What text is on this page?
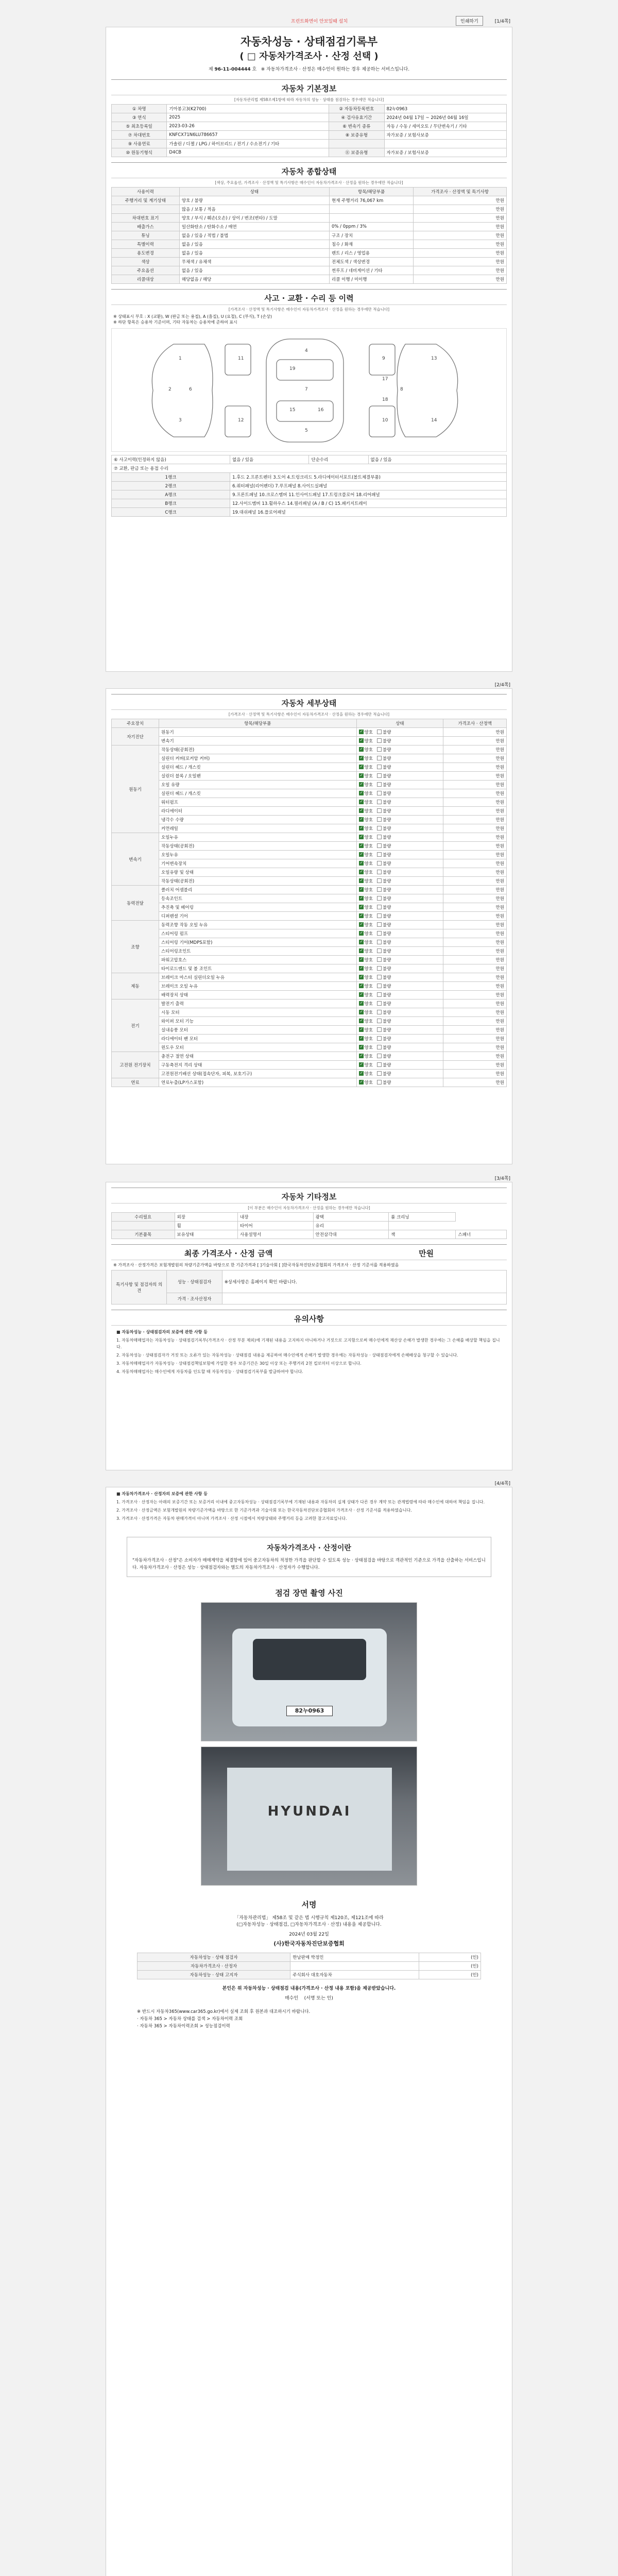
프린트화면이 안보일때 설치	인쇄하기	[1/4쪽]
자동차성능 · 상태점검기록부
( □ 자동차가격조사 · 산정 선택 )
제 96-11-004444 호 ※ 자동차가격조사 · 산정은 매수인이 원하는 경우 제공하는 서비스입니다.
자동차 기본정보
[자동차관리법 제58조제1항에 따라 자동차의 성능 · 상태를 점검하는 경우에만 적습니다]
① 차명	기아봉고3(K2700)	② 자동차등록번호	82누0963
③ 연식	2025	④ 검사유효기간	2024년 04월 17일 ~ 2026년 04월 16일
⑤ 최초등록일	2023-03-26	⑥ 변속기 종류	자동 / 수동 / 세미오토 / 무단변속기 / 기타
⑦ 차대번호	KNFCX71N6LU786657	⑧ 보증유형	자가보증 / 보험사보증
⑨ 사용연료	가솔린 / 디젤 / LPG / 하이브리드 / 전기 / 수소전기 / 기타		
⑩ 원동기형식	D4CB	⑪ 보증유형	자가보증 / 보험사보증
자동차 종합상태
[색상, 주요옵션, 가격조사 · 산정액 및 특기사항은 매수인이 자동차가격조사 · 산정을 원하는 경우에만 적습니다]
사용이력	상태	항목/해당부품	가격조사 · 산정액 및 특기사항
주행거리 및 계기상태	양호 / 불량	현재 주행거리 76,067 km	만원
	많음 / 보통 / 적음		만원
차대번호 표기	양호 / 부식 / 훼손(오손) / 상이 / 변조(변타) / 도말		만원
배출가스	일산화탄소 / 탄화수소 / 매연	0% / 0ppm / 3%	만원
튜닝	없음 / 있음 / 적법 / 불법	구조 / 장치	만원
특별이력	없음 / 있음	침수 / 화재	만원
용도변경	없음 / 있음	렌트 / 리스 / 영업용	만원
색상	무채색 / 유채색	전체도색 / 색상변경	만원
주요옵션	없음 / 있음	썬루프 / 네비게이션 / 기타	만원
리콜대상	해당없음 / 해당	리콜 이행 / 미이행	만원
사고 · 교환 · 수리 등 이력
[가격조사 · 산정액 및 특기사항은 매수인이 자동차가격조사 · 산정을 원하는 경우에만 적습니다]
※ 상태표시 부호 : X (교환), W (판금 또는 용접), A (흠집), U (요철), C (부식), T (손상)
※ 하단 항목은 승용차 기준이며, 기타 자동차는 승용차에 준하여 표시
1
2
3
4
5
6	7	8
9
10
11
12
13
14
15	16
17
18
19
⑥ 사고이력(인정하지 않음)	없음 / 있음	단순수리	없음 / 있음
⑦ 교환, 판금 또는 용접 수리			
1랭크	1.후드 2.프론트펜더 3.도어 4.트렁크리드 5.라디에이터서포트(볼트체결부품)		
2랭크	6.쿼터패널(리어펜더) 7.루프패널 8.사이드실패널		
A랭크	9.프론트패널 10.크로스멤버 11.인사이드패널 17.트렁크플로어 18.리어패널		
B랭크	12.사이드멤버 13.휠하우스 14.필러패널 (A / B / C) 15.패키지트레이		
C랭크	19.대쉬패널 16.플로어패널		
[2/4쪽]
자동차 세부상태
[가격조사 · 산정액 및 특기사항은 매수인이 자동차가격조사 · 산정을 원하는 경우에만 적습니다]
주요장치	항목/해당부품	상태	가격조사 · 산정액
자기진단	원동기	✓양호 불량	만원
	변속기	✓양호 불량	만원
원동기	작동상태(공회전)	✓양호 불량	만원
	실린더 커버(로커암 커버)	✓양호 불량	만원
	실린더 헤드 / 개스킷	✓양호 불량	만원
	실린더 블록 / 오일팬	✓양호 불량	만원
	오일 유량	✓양호 불량	만원
	실린더 헤드 / 개스킷	✓양호 불량	만원
	워터펌프	✓양호 불량	만원
	라디에이터	✓양호 불량	만원
	냉각수 수량	✓양호 불량	만원
	커먼레일	✓양호 불량	만원
변속기	오일누유	✓양호 불량	만원
	작동상태(공회전)	✓양호 불량	만원
	오일누유	✓양호 불량	만원
	기어변속장치	✓양호 불량	만원
	오일유량 및 상태	✓양호 불량	만원
	작동상태(공회전)	✓양호 불량	만원
동력전달	클러치 어셈블리	✓양호 불량	만원
	등속조인트	✓양호 불량	만원
	추진축 및 베어링	✓양호 불량	만원
	디퍼렌셜 기어	✓양호 불량	만원
조향	동력조향 작동 오일 누유	✓양호 불량	만원
	스티어링 펌프	✓양호 불량	만원
	스티어링 기어(MDPS포함)	✓양호 불량	만원
	스티어링조인트	✓양호 불량	만원
	파워고압호스	✓양호 불량	만원
	타이로드엔드 및 볼 조인트	✓양호 불량	만원
제동	브레이크 마스터 실린더오일 누유	✓양호 불량	만원
	브레이크 오일 누유	✓양호 불량	만원
	배력장치 상태	✓양호 불량	만원
전기	발전기 출력	✓양호 불량	만원
	시동 모터	✓양호 불량	만원
	와이퍼 모터 기능	✓양호 불량	만원
	실내송풍 모터	✓양호 불량	만원
	라디에이터 팬 모터	✓양호 불량	만원
	윈도우 모터	✓양호 불량	만원
고전원 전기장치	충전구 절연 상태	✓양호 불량	만원
	구동축전지 격리 상태	✓양호 불량	만원
	고전원전기배선 상태(접속단자, 피복, 보호기구)	✓양호 불량	만원
연료	연료누출(LP가스포함)	✓양호 불량	만원
[3/4쪽]
자동차 기타정보
[이 부분은 매수인이 자동차가격조사 · 산정을 원하는 경우에만 적습니다]
수리필요	외장	내장	광택	룸 크리닝	
	휠	타이어	유리		
기본품목	보유상태	사용설명서	안전삼각대	잭	스패너
최종 가격조사 · 산정 금액	만원
※ 가격조사 · 산정가격은 보험개발원의 차량기준가액을 바탕으로 한 기준가격과 [ ]기술사회 [ ]한국자동차진단보증협회의 가격조사 · 산정 기준서를 적용하였음
특기사항 및 점검자의 의견	성능 · 상태점검자	※상세사항은 홈페이지 확인 바랍니다.
	가격 · 조사산정자	
유의사항

■ 자동차성능 · 상태점검자의 보증에 관한 사항 등

1. 자동차매매업자는 자동차성능 · 상태점검기록부(가격조사 · 산정 부분 제외)에 기재된 내용을 고지하지 아니하거나 거짓으로 고지함으로써 매수인에게 재산상 손해가 발생한 경우에는 그 손해를 배상할 책임을 집니다.

2. 자동차성능 · 상태점검자가 거짓 또는 오류가 있는 자동차성능 · 상태점검 내용을 제공하여 매수인에게 손해가 발생한 경우에는 자동차성능 · 상태점검자에게 손해배상을 청구할 수 있습니다.

3. 자동차매매업자가 자동차성능 · 상태점검책임보험에 가입한 경우 보증기간은 30일 이상 또는 주행거리 2천 킬로미터 이상으로 합니다.

4. 자동차매매업자는 매수인에게 자동차를 인도할 때 자동차성능 · 상태점검기록부를 발급하여야 합니다.

[4/4쪽]

■ 자동차가격조사 · 산정자의 보증에 관한 사항 등

1. 가격조사 · 산정자는 아래의 보증기간 또는 보증거리 이내에 중고자동차성능 · 상태점검기록부에 기재된 내용과 자동차의 실제 상태가 다른 경우 계약 또는 관계법령에 따라 매수인에 대하여 책임을 집니다.

2. 가격조사 · 산정금액은 보험개발원의 차량기준가액을 바탕으로 한 기준가격과 기술사회 또는 한국자동차진단보증협회의 가격조사 · 산정 기준서를 적용하였습니다.

3. 가격조사 · 산정가격은 자동차 판매가격이 아니며 가격조사 · 산정 시점에서 차량상태와 주행거리 등을 고려한 참고자료입니다.

자동차가격조사 · 산정이란
"자동차가격조사 · 산정"은 소비자가 매매계약을 체결함에 있어 중고자동차의 적정한 가격을 판단할 수 있도록 성능 · 상태점검을 바탕으로 객관적인 기준으로 가격을 산출하는 서비스입니다. 자동차가격조사 · 산정은 성능 · 상태점검자와는 별도의 자동차가격조사 · 산정자가 수행합니다.
점검 장면 촬영 사진
82누0963
HYUNDAI
서명
「자동차관리법」 제58조 및 같은 법 시행규칙 제120조, 제121조에 따라
(□자동차성능 · 상태점검, □자동차가격조사 · 산정) 내용을 제공합니다.
2024년 03월 22일
(사)한국자동차진단보증협회
자동차성능 · 상태 점검자	한남판매 박정민	(인)
자동차가격조사 · 산정자		(인)
자동차성능 · 상태 고지자	주식회사 대호자동차	(인)
본인은 위 자동차성능 · 상태점검 내용(가격조사 · 산정 내용 포함)을 제공받았습니다.
매수인 (서명 또는 인)
※ 반드시 자동차365(www.car365.go.kr)에서 실제 조회 후 원본과 대조하시기 바랍니다.
· 자동차 365 > 자동차 상태를 검색 > 자동차이력 조회
· 자동차 365 > 자동차이력조회 > 성능점검이력
